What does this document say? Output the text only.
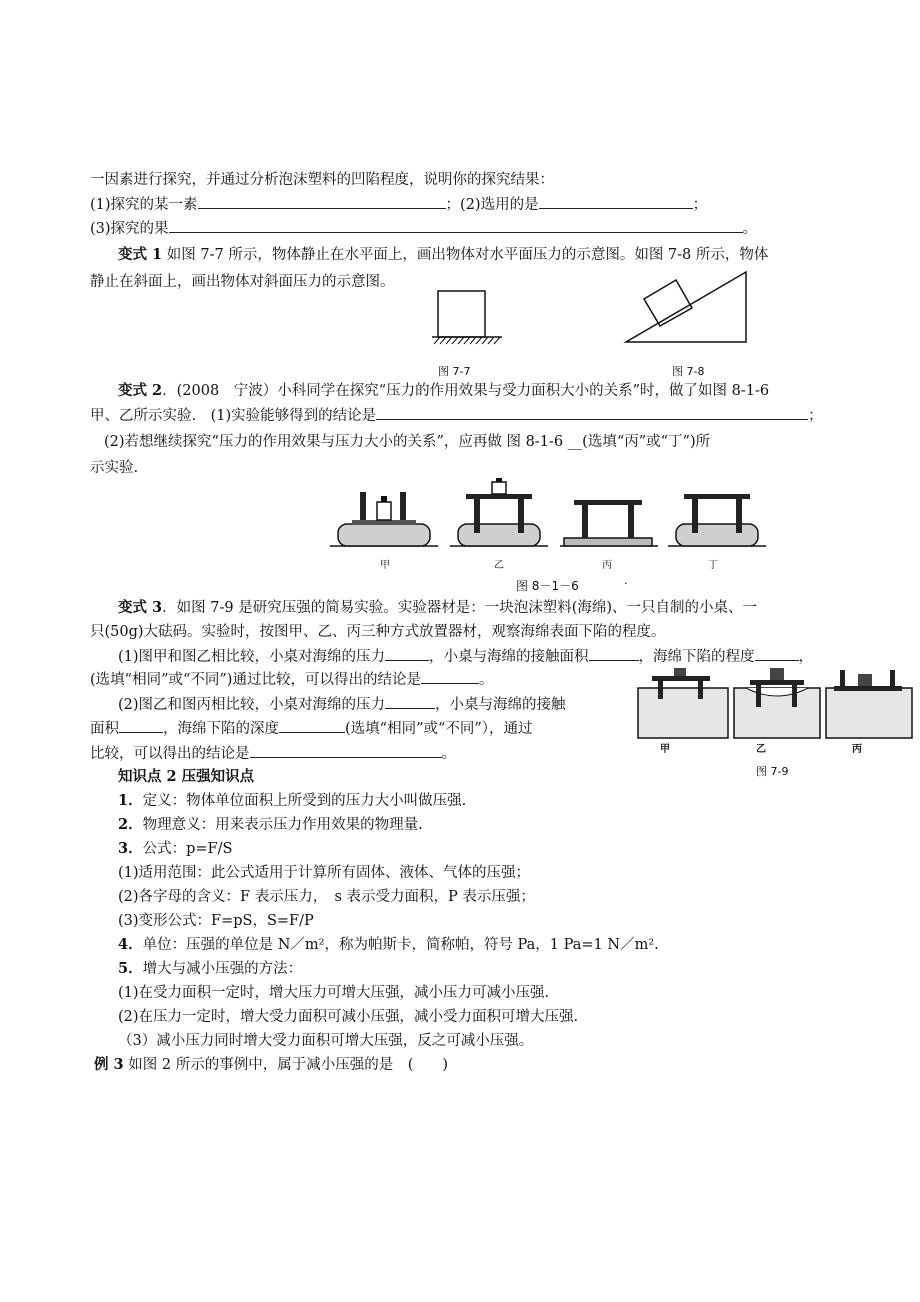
一因素进行探究，并通过分析泡沫塑料的凹陷程度，说明你的探究结果：
(1)探究的某一素	；(2)选用的是	；
(3)探究的果	。
变式 1 如图 7-7 所示，物体静止在水平面上，画出物体对水平面压力的示意图。如图 7-8 所示，物体
静止在斜面上，画出物体对斜面压力的示意图。
图 7-7	图 7-8
变式 2．(2008　宁波）小科同学在探究“压力的作用效果与受力面积大小的关系”时，做了如图 8-1-6
甲、乙所示实验.　(1)实验能够得到的结论是	；
(2)若想继续探究“压力的作用效果与压力大小的关系”，应再做 图 8-1-6 __(选填“丙”或“丁”)所
示实验.
甲	乙	丙	丁
图 8－1－6	·
变式 3．如图 7-9 是研究压强的简易实验。实验器材是：一块泡沫塑料(海绵)、一只自制的小桌、一
只(50g)大砝码。实验时，按图甲、乙、丙三种方式放置器材，观察海绵表面下陷的程度。
(1)图甲和图乙相比较，小桌对海绵的压力	，小桌与海绵的接触面积	，海绵下陷的程度	，
(选填“相同”或“不同”)通过比较，可以得出的结论是	。
(2)图乙和图丙相比较，小桌对海绵的压力	，小桌与海绵的接触
面积	，海绵下陷的深度	(选填“相同”或“不同”），通过
比较，可以得出的结论是	。	甲	乙	丙
图 7-9
知识点 2 压强知识点
1．定义：物体单位面积上所受到的压力大小叫做压强.
2．物理意义：用来表示压力作用效果的物理量.
3．公式：p=F/S
(1)适用范围：此公式适用于计算所有固体、液体、气体的压强；
(2)各字母的含义：F 表示压力，　s 表示受力面积，P 表示压强；
(3)变形公式：F=pS，S=F/P
4．单位：压强的单位是 N／m²，称为帕斯卡，简称帕，符号 Pa，1 Pa=1 N／m².
5．增大与减小压强的方法：
(1)在受力面积一定时，增大压力可增大压强，减小压力可减小压强.
(2)在压力一定时，增大受力面积可减小压强，减小受力面积可增大压强.
（3）减小压力同时增大受力面积可增大压强，反之可减小压强。
例 3 如图 2 所示的事例中，属于减小压强的是　(　　)
